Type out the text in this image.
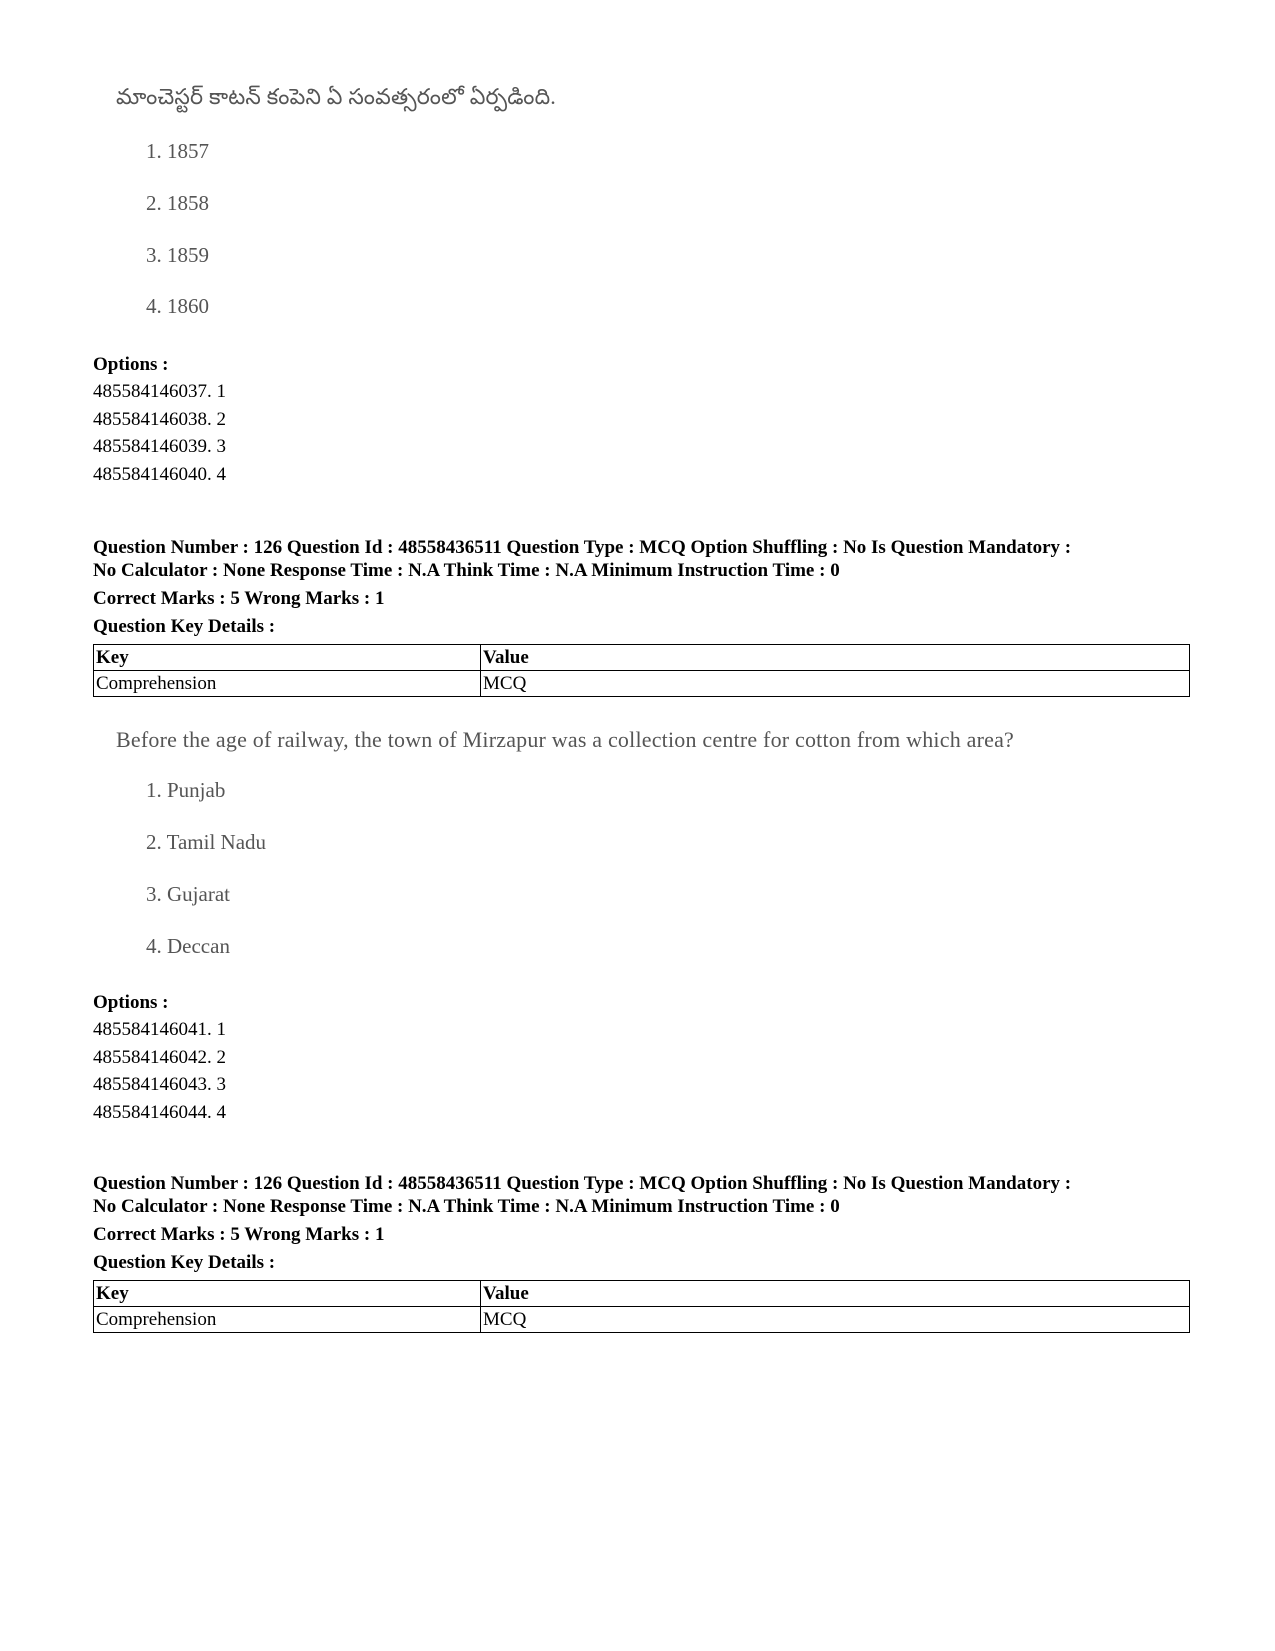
మాంచెస్టర్ కాటన్ కంపెని ఏ సంవత్సరంలో ఏర్పడింది.
1. 1857
2. 1858
3. 1859
4. 1860
Options :
485584146037. 1
485584146038. 2
485584146039. 3
485584146040. 4
Question Number : 126 Question Id : 48558436511 Question Type : MCQ Option Shuffling : No Is Question Mandatory :
No Calculator : None Response Time : N.A Think Time : N.A Minimum Instruction Time : 0
Correct Marks : 5 Wrong Marks : 1
Question Key Details :
Key	Value
Comprehension	MCQ
Before the age of railway, the town of Mirzapur was a collection centre for cotton from which area?
1. Punjab
2. Tamil Nadu
3. Gujarat
4. Deccan
Options :
485584146041. 1
485584146042. 2
485584146043. 3
485584146044. 4
Question Number : 126 Question Id : 48558436511 Question Type : MCQ Option Shuffling : No Is Question Mandatory :
No Calculator : None Response Time : N.A Think Time : N.A Minimum Instruction Time : 0
Correct Marks : 5 Wrong Marks : 1
Question Key Details :
Key	Value
Comprehension	MCQ
